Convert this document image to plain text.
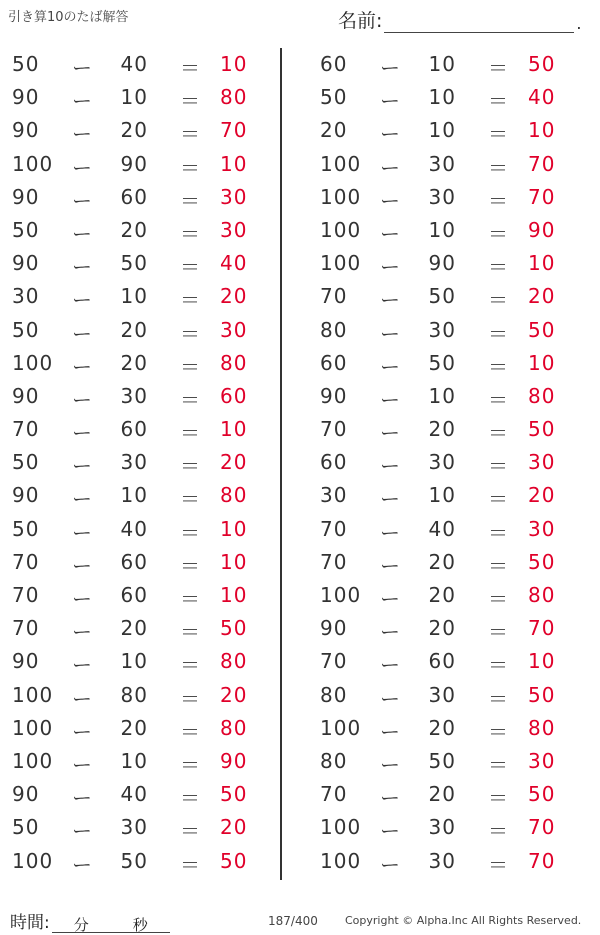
引き算10のたば解答	名前:	.
50 ー	40 ＝ 10
90 ー	10 ＝ 80
90 ー	20 ＝ 70
100 ー	90 ＝ 10
90 ー	60 ＝ 30
50 ー	20 ＝ 30
90 ー	50 ＝ 40
30 ー	10 ＝ 20
50 ー	20 ＝ 30
100 ー	20 ＝ 80
90 ー	30 ＝ 60
70 ー	60 ＝ 10
50 ー	30 ＝ 20
90 ー	10 ＝ 80
50 ー	40 ＝ 10
70 ー	60 ＝ 10
70 ー	60 ＝ 10
70 ー	20 ＝ 50
90 ー	10 ＝ 80
100 ー	80 ＝ 20
100 ー	20 ＝ 80
100 ー	10 ＝ 90
90 ー	40 ＝ 50
50 ー	30 ＝ 20
100 ー	50 ＝ 50
60 ー	10 ＝ 50
50 ー	10 ＝ 40
20 ー	10 ＝ 10
100 ー	30 ＝ 70
100 ー	30 ＝ 70
100 ー	10 ＝ 90
100 ー	90 ＝ 10
70 ー	50 ＝ 20
80 ー	30 ＝ 50
60 ー	50 ＝ 10
90 ー	10 ＝ 80
70 ー	20 ＝ 50
60 ー	30 ＝ 30
30 ー	10 ＝ 20
70 ー	40 ＝ 30
70 ー	20 ＝ 50
100 ー	20 ＝ 80
90 ー	20 ＝ 70
70 ー	60 ＝ 10
80 ー	30 ＝ 50
100 ー	20 ＝ 80
80 ー	50 ＝ 30
70 ー	20 ＝ 50
100 ー	30 ＝ 70
100 ー	30 ＝ 70
時間: 分	秒	187/400 Copyright © Alpha.Inc All Rights Reserved.
